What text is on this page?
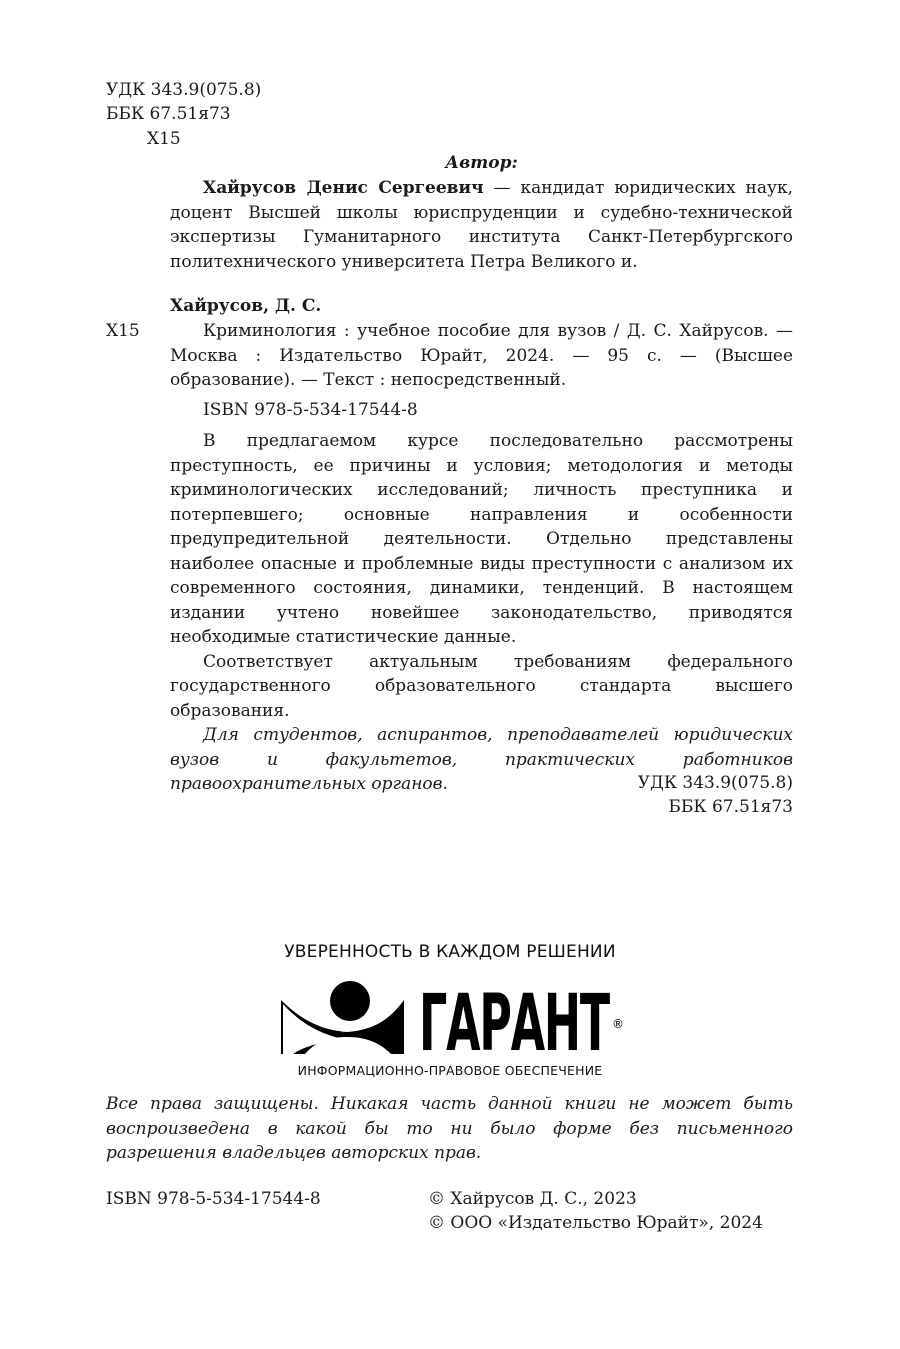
УДК 343.9(075.8)
ББК 67.51я73
Х15
Автор:

Хайрусов Денис Сергеевич — кандидат юридических наук,

доцент Высшей школы юриспруденции и судебно-технической экспертизы Гуманитарного института Санкт-Петербургского политехнического университета Петра Великого и.

Хайрусов, Д. С.
Х15	Криминология : учебное пособие для вузов / Д. С. Хайрусов. — Москва : Издательство Юрайт, 2024. — 95 с. — (Высшее образование). — Текст : непосредственный.
ISBN 978-5-534-17544-8

В предлагаемом курсе последовательно рассмотрены преступность, ее причины и условия; методология и методы криминологических исследований; личность преступника и потерпевшего; основные направления и особенности предупредительной деятельности. Отдельно представлены наиболее опасные и проблемные виды преступности с анализом их современного состояния, динамики, тенденций. В настоящем издании учтено новейшее законодательство, приводятся необходимые статистические данные.

Соответствует актуальным требованиям федерального государственного образовательного стандарта высшего образования.

Для студентов, аспирантов, преподавателей юридических вузов и факультетов, практических работников правоохранительных органов.	УДК 343.9(075.8)
ББК 67.51я73
УВЕРЕННОСТЬ В КАЖДОМ РЕШЕНИИ
ГАРАНТ ®
ИНФОРМАЦИОННО-ПРАВОВОЕ ОБЕСПЕЧЕНИЕ
Все права защищены. Никакая часть данной книги не может быть воспроизведена в какой бы то ни было форме без письменного разрешения владельцев авторских прав.
ISBN 978-5-534-17544-8	© Хайрусов Д. С., 2023
© ООО «Издательство Юрайт», 2024
